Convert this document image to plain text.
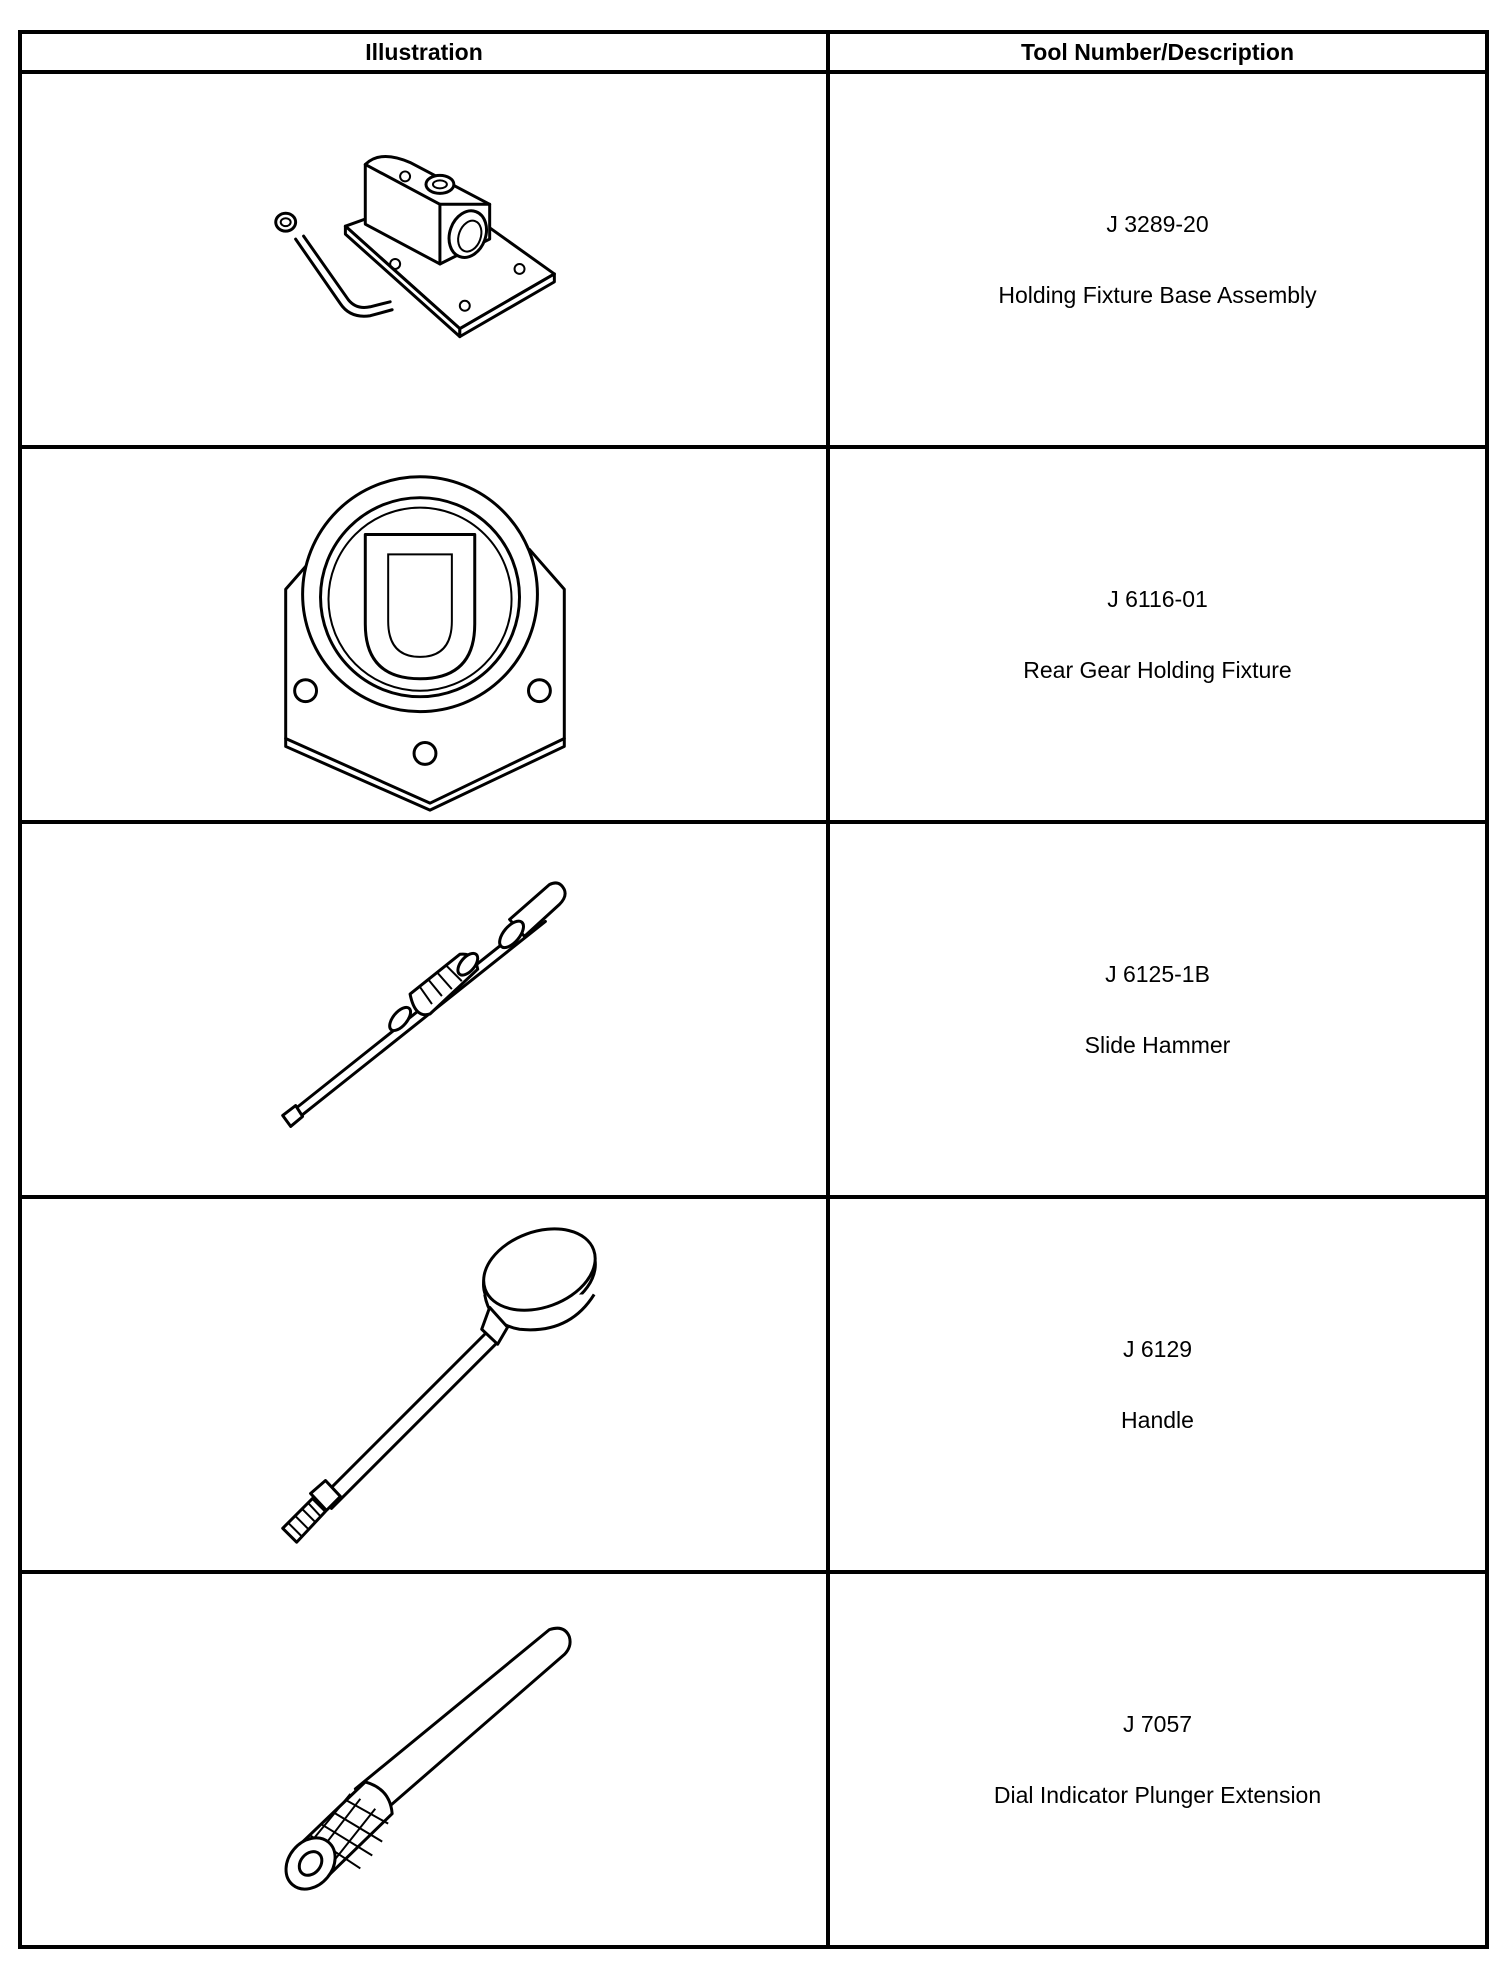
Illustration	Tool Number/Description

J 3289-20
Holding Fixture Base Assembly

J 6116-01
Rear Gear Holding Fixture

J 6125-1B
Slide Hammer

J 6129
Handle

J 7057
Dial Indicator Plunger Extension
